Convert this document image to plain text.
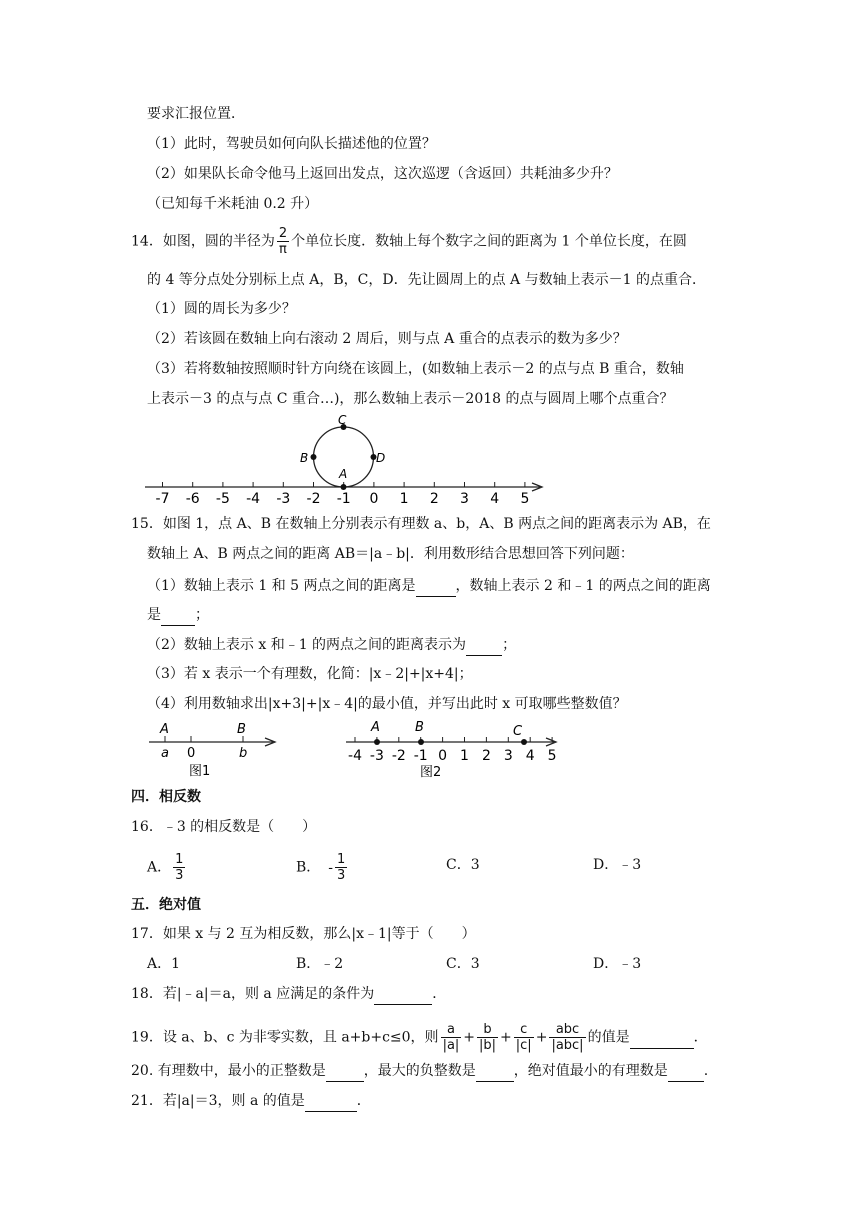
要求汇报位置．
（1）此时，驾驶员如何向队长描述他的位置？
（2）如果队长命令他马上返回出发点，这次巡逻（含返回）共耗油多少升？
（已知每千米耗油 0.2 升）
14．如图，圆的半径为 $\frac{2}{\pi}$ 个单位长度．数轴上每个数字之间的距离为 1 个单位长度，在圆
的 4 等分点处分别标上点 A，B，C，D．先让圆周上的点 A 与数轴上表示－1 的点重合．
（1）圆的周长为多少？
（2）若该圆在数轴上向右滚动 2 周后，则与点 A 重合的点表示的数为多少？
（3）若将数轴按照顺时针方向绕在该圆上，(如数轴上表示－2 的点与点 B 重合，数轴
上表示－3 的点与点 C 重合…)，那么数轴上表示－2018 的点与圆周上哪个点重合？
-7 -6 -5 -4 -3 -2 -1 0 1 2 3 4 5
A
B
C
D
15．如图 1，点 A、B 在数轴上分别表示有理数 a、b，A、B 两点之间的距离表示为 AB，在
数轴上 A、B 两点之间的距离 AB＝|a﹣b|．利用数形结合思想回答下列问题：
（1）数轴上表示 1 和 5 两点之间的距离是	，数轴上表示 2 和﹣1 的两点之间的距离
是 ；
（2）数轴上表示 x 和﹣1 的两点之间的距离表示为	；
（3）若 x 表示一个有理数，化简：|x﹣2|+|x+4|；
（4）利用数轴求出|x+3|+|x﹣4|的最小值，并写出此时 x 可取哪些整数值？
A	B
a 0	b
图1
-4 -3 -2 -1 0 1 2 3 4 5
A	B	C
图2
四．相反数
16．﹣3 的相反数是（　　）
A． $\frac{1}{3}$	B． - $\frac{1}{3}$	C．3	D．﹣3
五．绝对值
17．如果 x 与 2 互为相反数，那么|x﹣1|等于（　　）
A．1	B．﹣2	C．3	D．﹣3
18．若|﹣a|＝a，则 a 应满足的条件为	．
19．设 a、b、c 为非零实数，且 a+b+c≤0，则 $\frac{a}{|a|} + \frac{b}{|b|} + \frac{c}{|c|} + \frac{\text{abc}}{\text{|abc|}}$ 的值是	．
20. 有理数中，最小的正整数是	，最大的负整数是	，绝对值最小的有理数是	.
21．若|a|＝3，则 a 的值是	．
